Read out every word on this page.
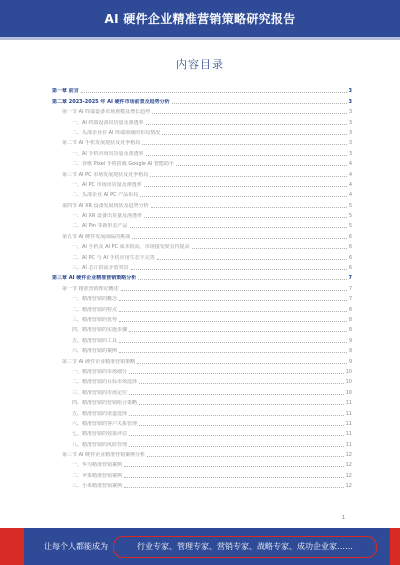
AI 硬件企业精准营销策略研究报告
内容目录
第一章 前言	3
第二章 2023-2025 年 AI 硬件市场前景及趋势分析	3
第一节 AI 终端设备市场规模及增长趋势	3
一、AI 终端设备出货量及渗透率	3
二、头部企业在 AI 终端领域的布局情况	3
第二节 AI 手机发展现状及竞争格局	3
一、AI 手机市场出货量及渗透率	3
二、谷歌 Pixel 手机搭载 Google AI 智能助手	4
第三节 AI PC 市场发展现状及竞争格局	4
一、AI PC 市场出货量及渗透率	4
二、头部企业 AI PC 产品布局	4
第四节 AI XR 设备发展现状及趋势分析	5
一、AI XR 设备出货量及渗透率	5
二、AI Pin 等新形态产品	5
第五节 AI 硬件发展面临的挑战	6
一、AI 手机及 AI PC 成本较高，市场接受度有待提高	6
二、AI PC 与 AI 手机应用生态不完善	6
三、AI 芯片供需矛盾突出	6
第三章 AI 硬件企业精准营销策略分析	7
第一节 精准营销理论概述	7
一、精准营销的概念	7
二、精准营销的特点	8
三、精准营销的优势	8
四、精准营销的实施步骤	8
五、精准营销的工具	9
六、精准营销的案例	9
第二节 AI 硬件企业精准营销策略	9
一、精准营销的市场细分	10
二、精准营销的目标市场选择	10
三、精准营销的市场定位	10
四、精准营销的营销组合策略	11
五、精准营销的渠道选择	11
六、精准营销的客户关系管理	11
七、精准营销的效果评估	11
八、精准营销的风险管理	11
第三节 AI 硬件企业精准营销案例分析	12
一、华为精准营销案例	12
二、苹果精准营销案例	12
三、小米精准营销案例	12
1
让每个人都能成为	行业专家、管理专家、营销专家、战略专家、成功企业家……
